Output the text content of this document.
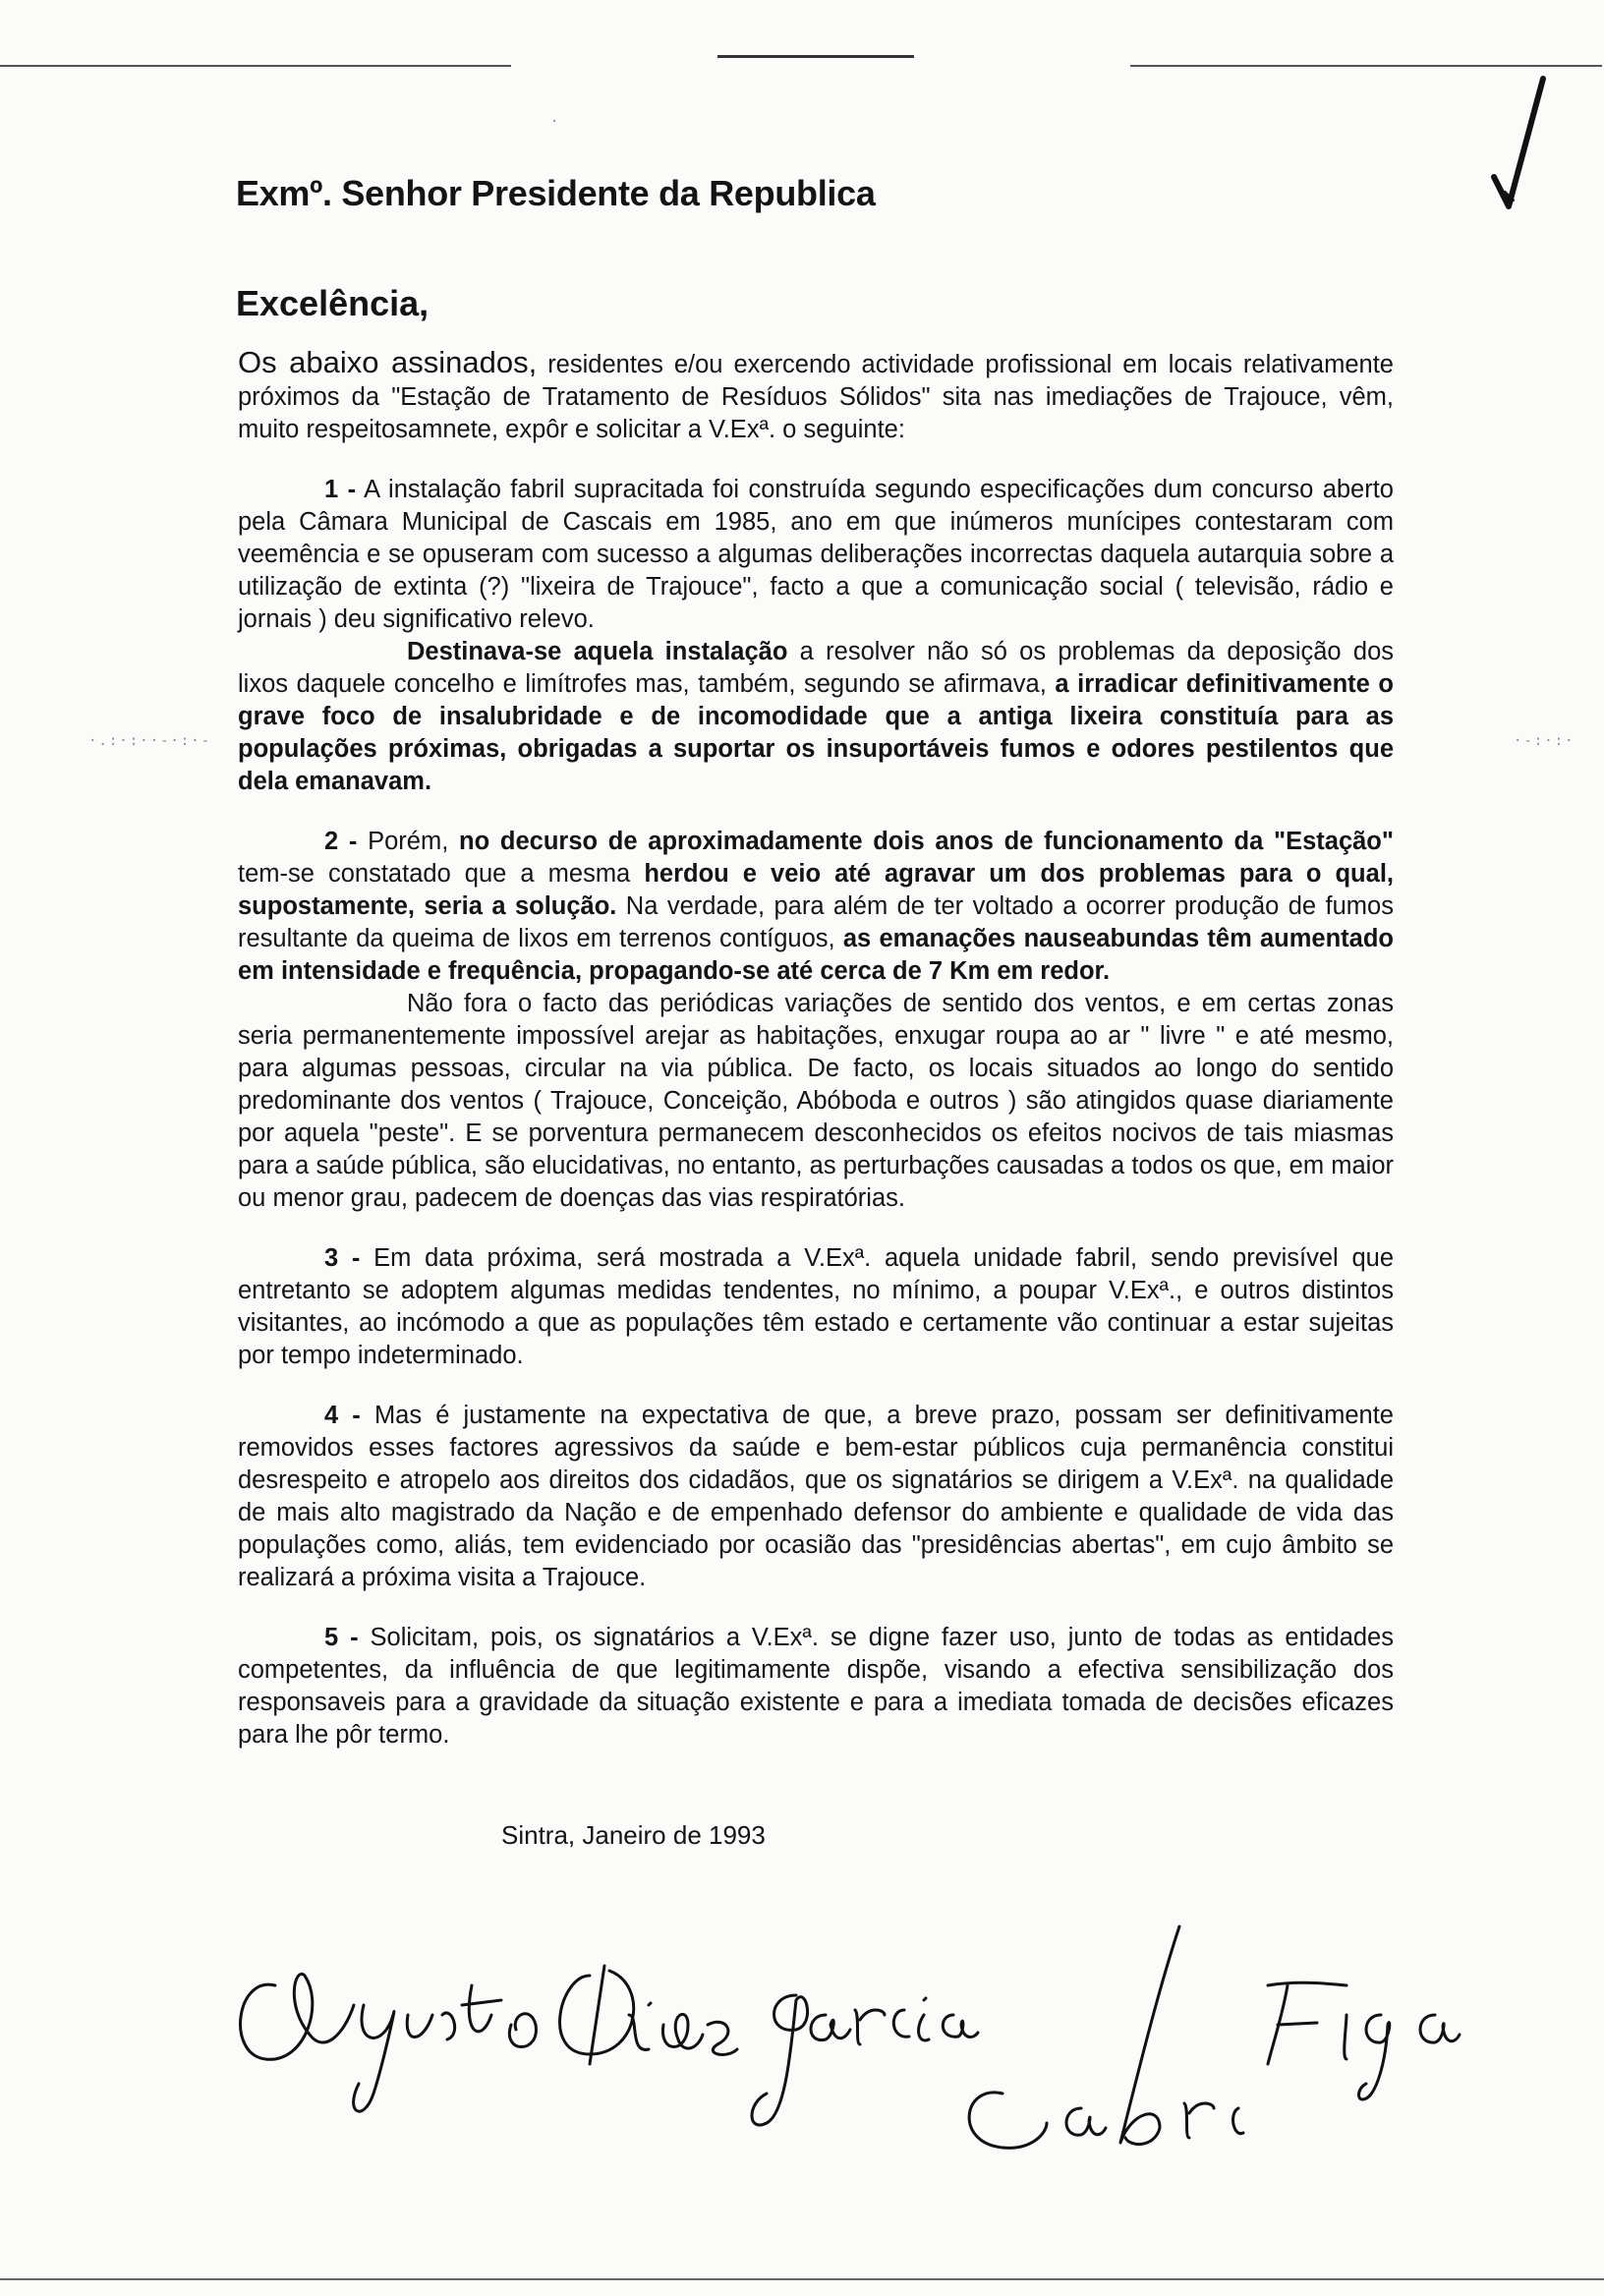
·.:·:··-·:·-	·-:·:·
·
Exmº. Senhor Presidente da Republica
Excelência,

Os abaixo assinados, residentes e/ou exercendo actividade profissional em locais relativamente próximos da "Estação de Tratamento de Resíduos Sólidos" sita nas imediações de Trajouce, vêm, muito respeitosamnete, expôr e solicitar a V.Exª. o seguinte:

1 - A instalação fabril supracitada foi construída segundo especificações dum concurso aberto pela Câmara Municipal de Cascais em 1985, ano em que inúmeros munícipes contestaram com veemência e se opuseram com sucesso a algumas deliberações incorrectas daquela autarquia sobre a utilização de extinta (?) "lixeira de Trajouce", facto a que a comunicação social ( televisão, rádio e jornais ) deu significativo relevo.

Destinava-se aquela instalação a resolver não só os problemas da deposição dos lixos daquele concelho e limítrofes mas, também, segundo se afirmava, a irradicar definitivamente o grave foco de insalubridade e de incomodidade que a antiga lixeira constituía para as populações próximas, obrigadas a suportar os insuportáveis fumos e odores pestilentos que dela emanavam.

2 - Porém, no decurso de aproximadamente dois anos de funcionamento da "Estação" tem-se constatado que a mesma herdou e veio até agravar um dos problemas para o qual, supostamente, seria a solução. Na verdade, para além de ter voltado a ocorrer produção de fumos resultante da queima de lixos em terrenos contíguos, as emanações nauseabundas têm aumentado em intensidade e frequência, propagando-se até cerca de 7 Km em redor.

Não fora o facto das periódicas variações de sentido dos ventos, e em certas zonas seria permanentemente impossível arejar as habitações, enxugar roupa ao ar " livre " e até mesmo, para algumas pessoas, circular na via pública. De facto, os locais situados ao longo do sentido predominante dos ventos ( Trajouce, Conceição, Abóboda e outros ) são atingidos quase diariamente por aquela "peste". E se porventura permanecem desconhecidos os efeitos nocivos de tais miasmas para a saúde pública, são elucidativas, no entanto, as perturbações causadas a todos os que, em maior ou menor grau, padecem de doenças das vias respiratórias.

3 - Em data próxima, será mostrada a V.Exª. aquela unidade fabril, sendo previsível que entretanto se adoptem algumas medidas tendentes, no mínimo, a poupar V.Exª., e outros distintos visitantes, ao incómodo a que as populações têm estado e certamente vão continuar a estar sujeitas por tempo indeterminado.

4 - Mas é justamente na expectativa de que, a breve prazo, possam ser definitivamente removidos esses factores agressivos da saúde e bem-estar públicos cuja permanência constitui desrespeito e atropelo aos direitos dos cidadãos, que os signatários se dirigem a V.Exª. na qualidade de mais alto magistrado da Nação e de empenhado defensor do ambiente e qualidade de vida das populações como, aliás, tem evidenciado por ocasião das "presidências abertas", em cujo âmbito se realizará a próxima visita a Trajouce.

5 - Solicitam, pois, os signatários a V.Exª. se digne fazer uso, junto de todas as entidades competentes, da influência de que legitimamente dispõe, visando a efectiva sensibilização dos responsaveis para a gravidade da situação existente e para a imediata tomada de decisões eficazes para lhe pôr termo.

Sintra, Janeiro de 1993
